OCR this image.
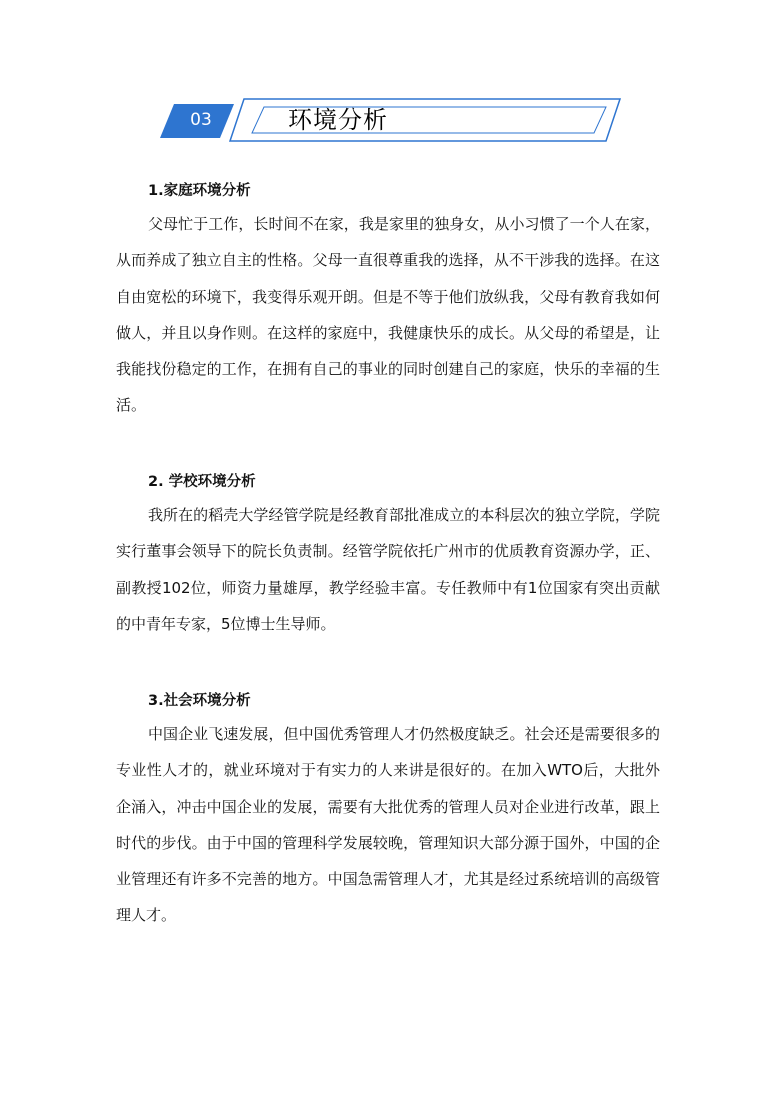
03	环境分析
1.家庭环境分析

父母忙于工作，长时间不在家，我是家里的独身女，从小习惯了一个人在家，从而养成了独立自主的性格。父母一直很尊重我的选择，从不干涉我的选择。在这自由宽松的环境下，我变得乐观开朗。但是不等于他们放纵我，父母有教育我如何做人，并且以身作则。在这样的家庭中，我健康快乐的成长。从父母的希望是，让我能找份稳定的工作，在拥有自己的事业的同时创建自己的家庭，快乐的幸福的生活。

2. 学校环境分析

我所在的稻壳大学经管学院是经教育部批准成立的本科层次的独立学院，学院实行董事会领导下的院长负责制。经管学院依托广州市的优质教育资源办学，正、副教授102位，师资力量雄厚，教学经验丰富。专任教师中有1位国家有突出贡献的中青年专家，5位博士生导师。

3.社会环境分析

中国企业飞速发展，但中国优秀管理人才仍然极度缺乏。社会还是需要很多的专业性人才的，就业环境对于有实力的人来讲是很好的。在加入WTO后，大批外企涌入，冲击中国企业的发展，需要有大批优秀的管理人员对企业进行改革，跟上时代的步伐。由于中国的管理科学发展较晚，管理知识大部分源于国外，中国的企业管理还有许多不完善的地方。中国急需管理人才，尤其是经过系统培训的高级管理人才。
